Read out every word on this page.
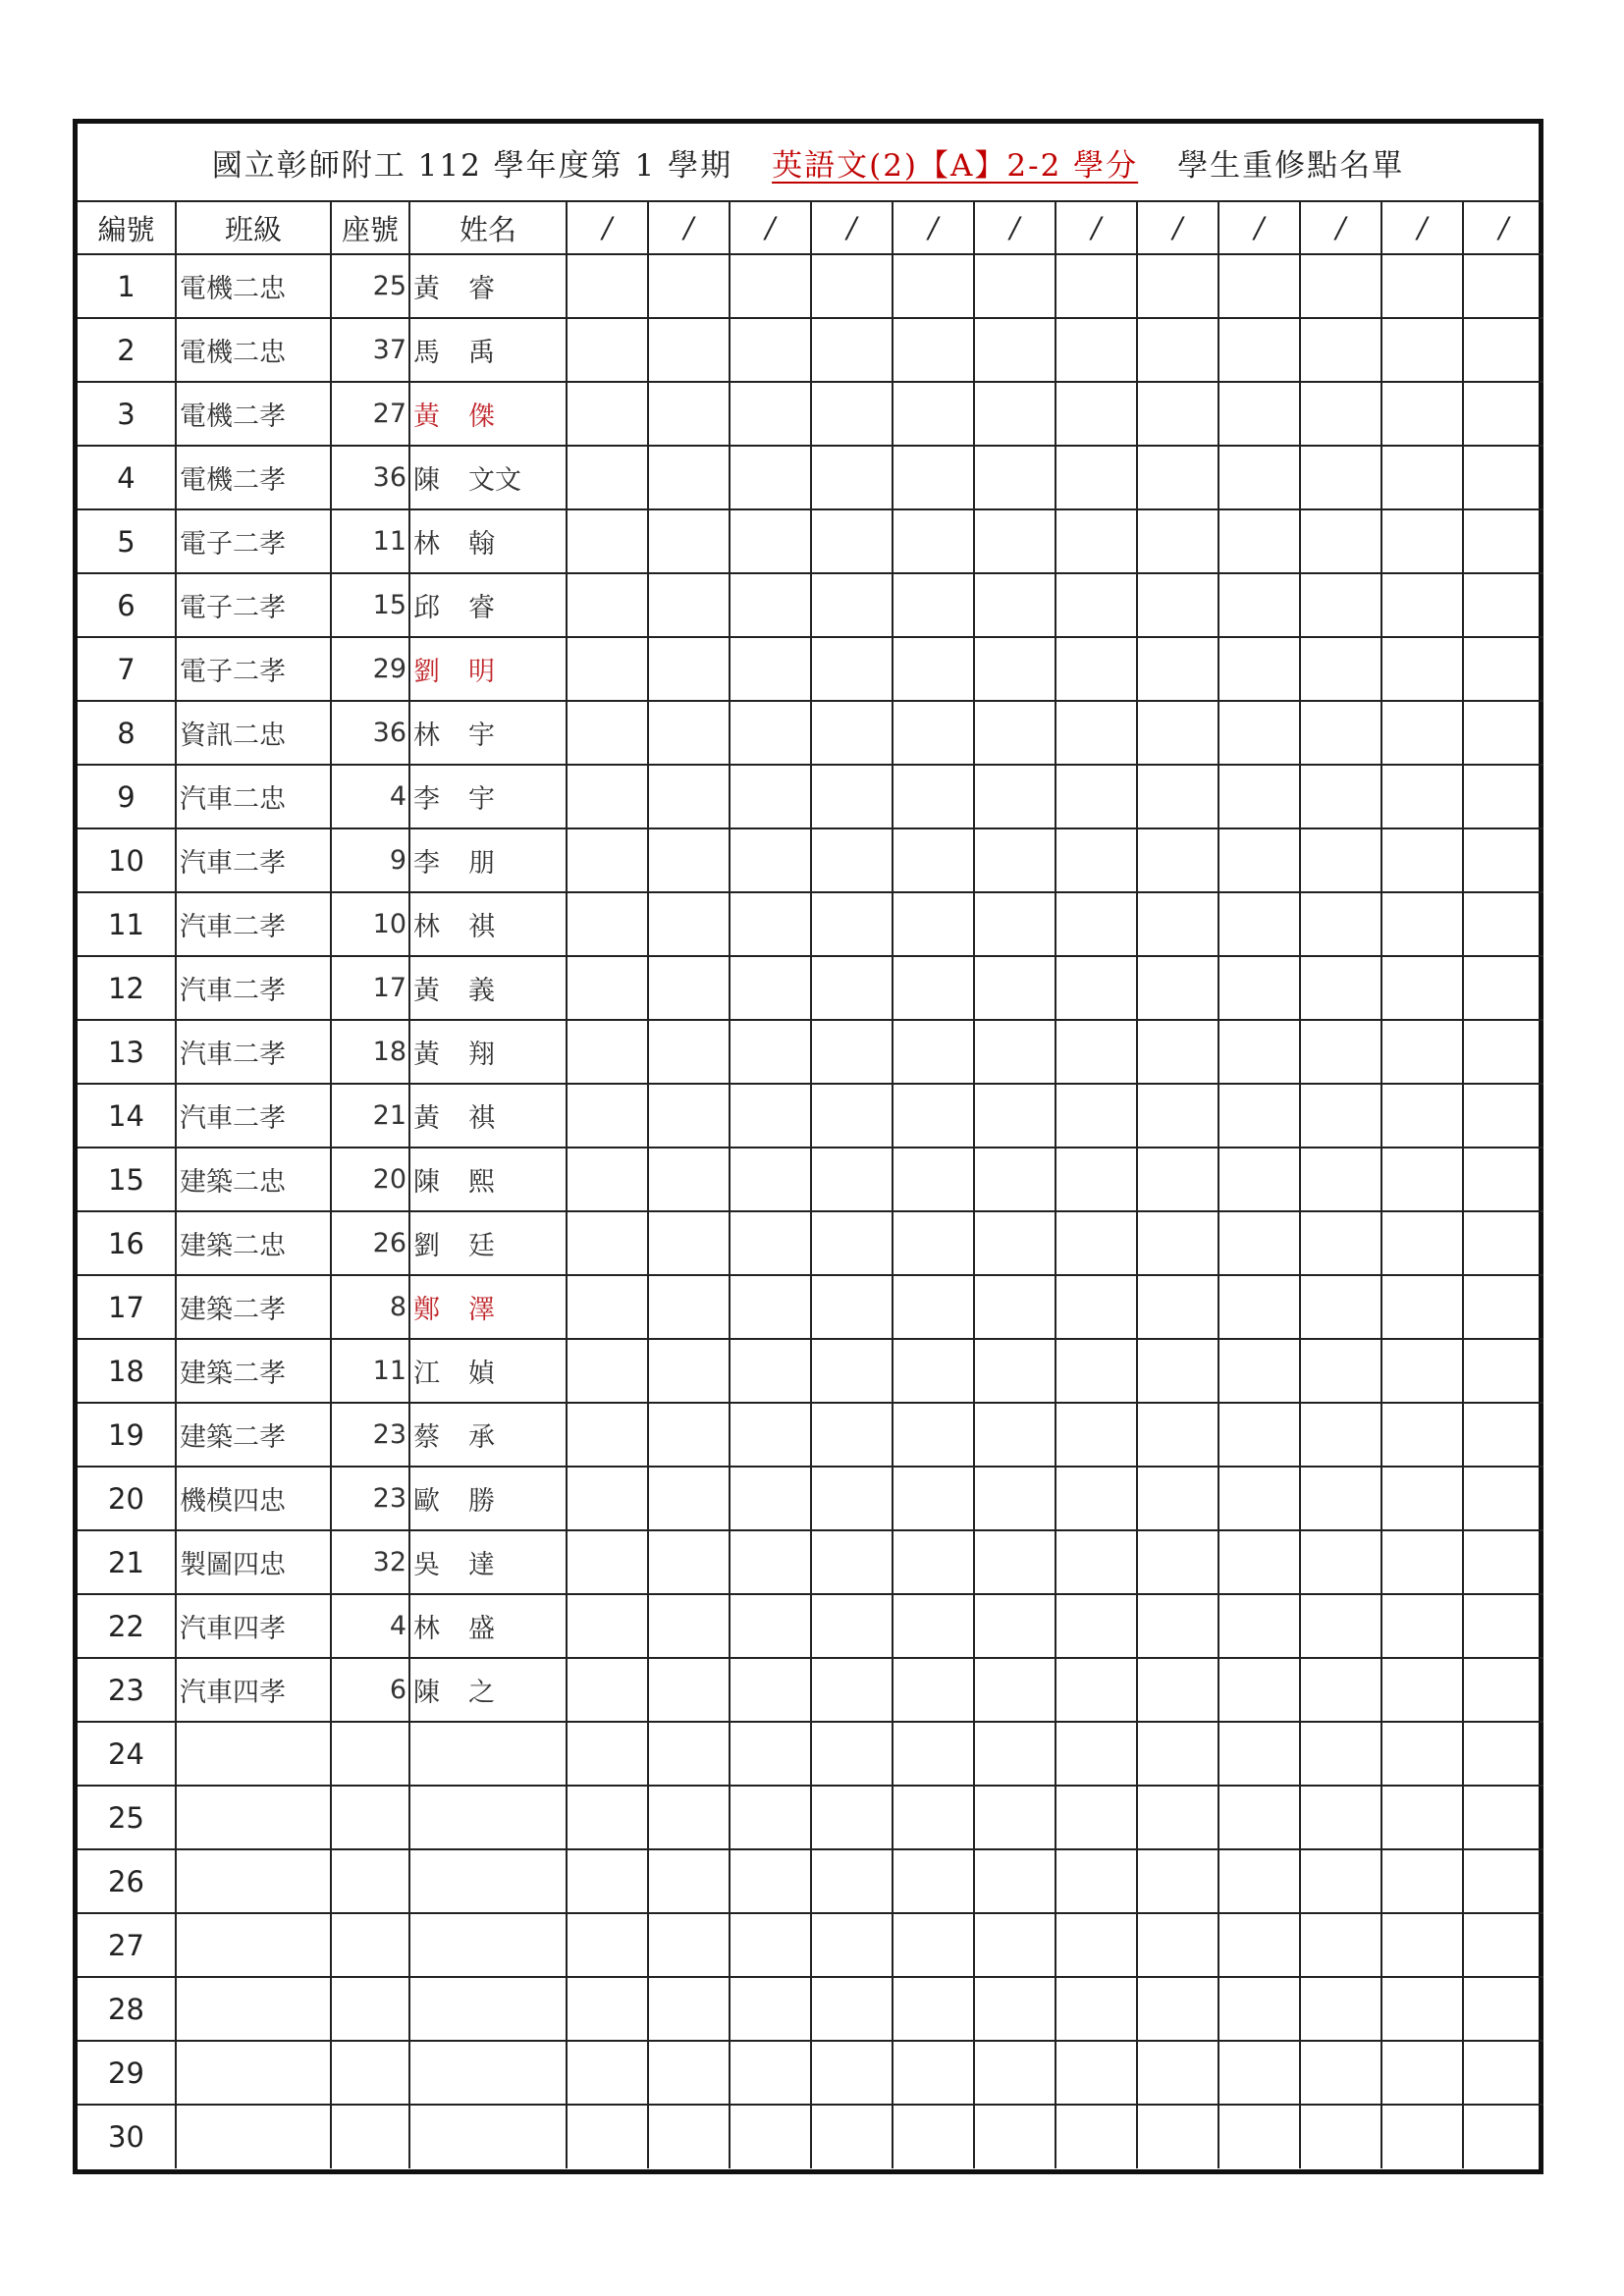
國立彰師附工 112 學年度第 1 學期 英語文(2)【A】2-2 學分 學生重修點名單
編號	班級	座號	姓名	/	/	/	/	/	/	/	/	/	/	/	/
1	電機二忠	25	黃 睿												

2	電機二忠	37	馬 禹												

3	電機二孝	27	黃 傑												

4	電機二孝	36	陳 文文												

5	電子二孝	11	林 翰												

6	電子二孝	15	邱 睿												

7	電子二孝	29	劉 明												

8	資訊二忠	36	林 宇												

9	汽車二忠	4	李 宇												

10	汽車二孝	9	李 朋												

11	汽車二孝	10	林 祺												

12	汽車二孝	17	黃 義												

13	汽車二孝	18	黃 翔												

14	汽車二孝	21	黃 祺												

15	建築二忠	20	陳 熙												

16	建築二忠	26	劉 廷												

17	建築二孝	8	鄭 澤												

18	建築二孝	11	江 媜												

19	建築二孝	23	蔡 承												

20	機模四忠	23	歐 勝												

21	製圖四忠	32	吳 達												

22	汽車四孝	4	林 盛												

23	汽車四孝	6	陳 之												

24			

25			

26			

27			

28			

29			

30			
